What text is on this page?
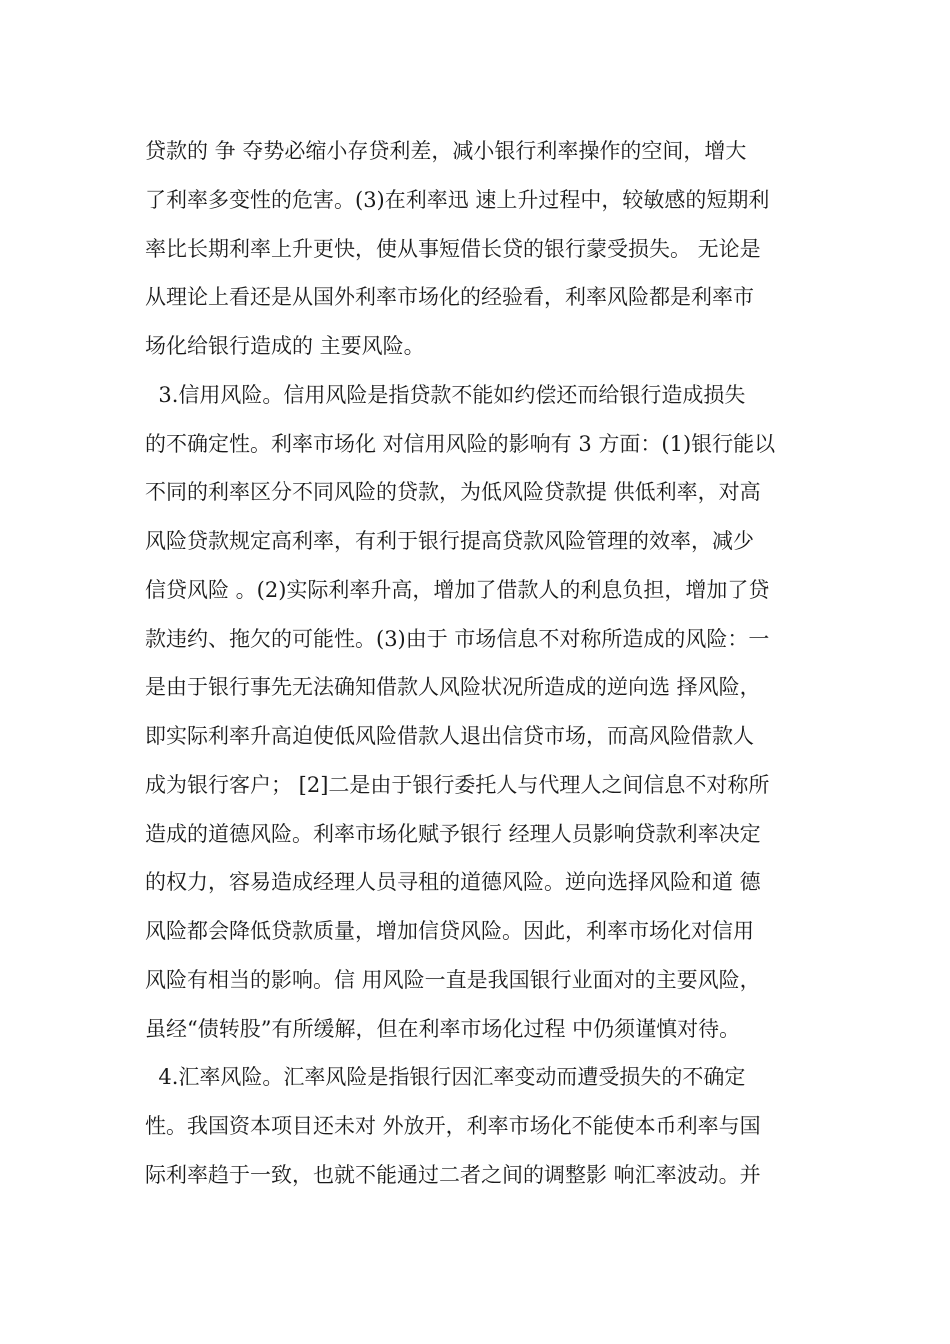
贷款的 争 夺势必缩小存贷利差，减小银行利率操作的空间，增大
了利率多变性的危害。(3)在利率迅 速上升过程中，较敏感的短期利
率比长期利率上升更快，使从事短借长贷的银行蒙受损失。 无论是
从理论上看还是从国外利率市场化的经验看，利率风险都是利率市
场化给银行造成的 主要风险。
3.信用风险。信用风险是指贷款不能如约偿还而给银行造成损失
的不确定性。利率市场化 对信用风险的影响有 3 方面：(1)银行能以
不同的利率区分不同风险的贷款，为低风险贷款提 供低利率，对高
风险贷款规定高利率，有利于银行提高贷款风险管理的效率，减少
信贷风险 。(2)实际利率升高，增加了借款人的利息负担，增加了贷
款违约、拖欠的可能性。(3)由于 市场信息不对称所造成的风险：一
是由于银行事先无法确知借款人风险状况所造成的逆向选 择风险，
即实际利率升高迫使低风险借款人退出信贷市场，而高风险借款人
成为银行客户； [2]二是由于银行委托人与代理人之间信息不对称所
造成的道德风险。利率市场化赋予银行 经理人员影响贷款利率决定
的权力，容易造成经理人员寻租的道德风险。逆向选择风险和道 德
风险都会降低贷款质量，增加信贷风险。因此，利率市场化对信用
风险有相当的影响。信 用风险一直是我国银行业面对的主要风险，
虽经“债转股”有所缓解，但在利率市场化过程 中仍须谨慎对待。
4.汇率风险。汇率风险是指银行因汇率变动而遭受损失的不确定
性。我国资本项目还未对 外放开，利率市场化不能使本币利率与国
际利率趋于一致，也就不能通过二者之间的调整影 响汇率波动。并
